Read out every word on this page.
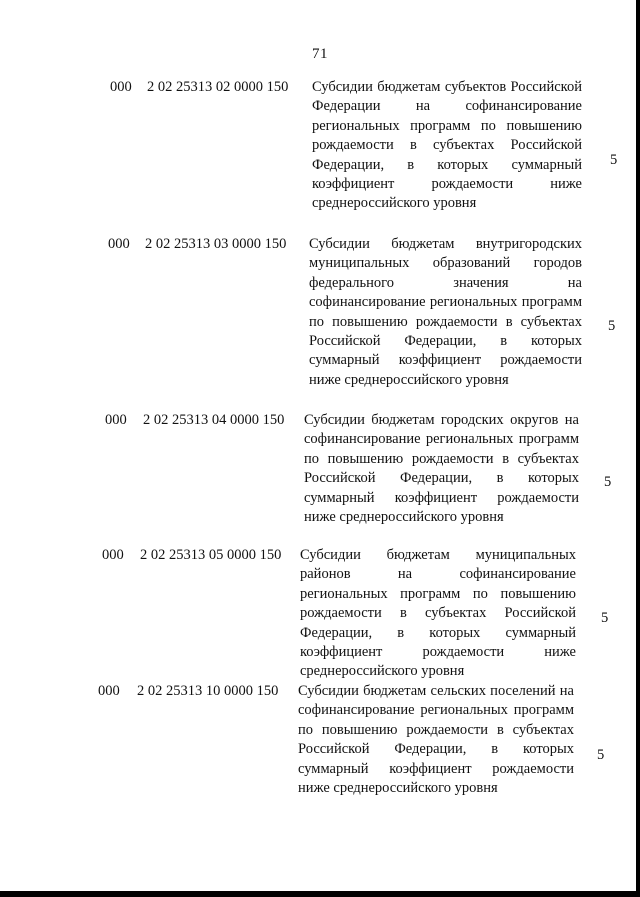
71
000 2 02 25313 02 0000 150 Субсидии бюджетам субъектов Российской Федерации на софинансирование региональных программ по повышению рождаемости в субъектах Российской Федерации, в которых суммарный коэффициент рождаемости ниже среднероссийского уровня
5
000 2 02 25313 03 0000 150 Субсидии бюджетам внутригородских муниципальных образований городов федерального значения на софинансирование региональных программ по повышению рождаемости в субъектах Российской Федерации, в которых суммарный коэффициент рождаемости ниже среднероссийского уровня
5
000 2 02 25313 04 0000 150 Субсидии бюджетам городских округов на софинансирование региональных программ по повышению рождаемости в субъектах Российской Федерации, в которых суммарный коэффициент рождаемости ниже среднероссийского уровня
5
000 2 02 25313 05 0000 150 Субсидии бюджетам муниципальных районов на софинансирование региональных программ по повышению рождаемости в субъектах Российской Федерации, в которых суммарный коэффициент рождаемости ниже среднероссийского уровня
5
000 2 02 25313 10 0000 150 Субсидии бюджетам сельских поселений на софинансирование региональных программ по повышению рождаемости в субъектах Российской Федерации, в которых суммарный коэффициент рождаемости ниже среднероссийского уровня
5
